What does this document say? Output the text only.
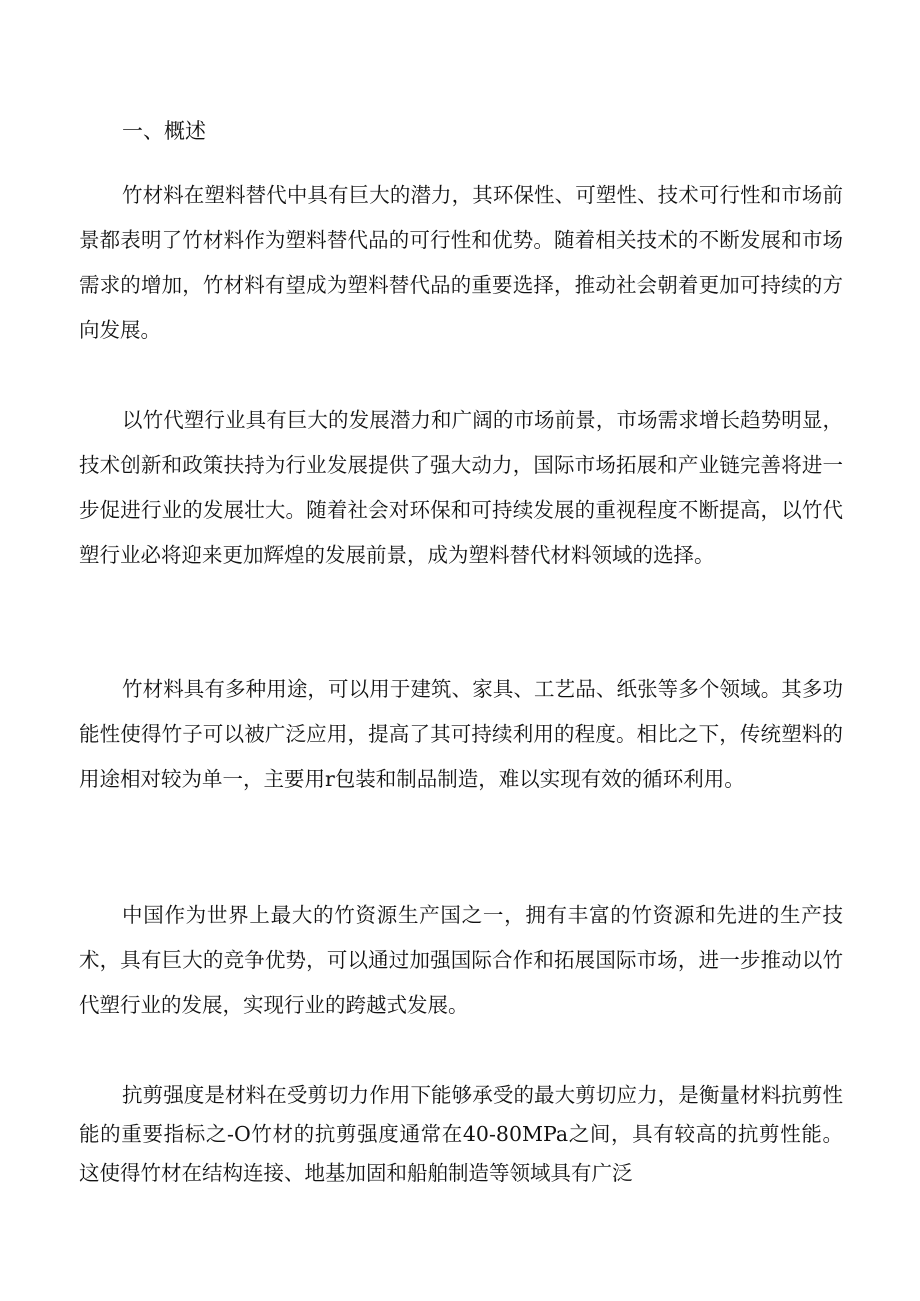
一、概述

竹材料在塑料替代中具有巨大的潜力，其环保性、可塑性、技术可行性和市场前景都表明了竹材料作为塑料替代品的可行性和优势。随着相关技术的不断发展和市场需求的增加，竹材料有望成为塑料替代品的重要选择，推动社会朝着更加可持续的方向发展。

以竹代塑行业具有巨大的发展潜力和广阔的市场前景，市场需求增长趋势明显，技术创新和政策扶持为行业发展提供了强大动力，国际市场拓展和产业链完善将进一步促进行业的发展壮大。随着社会对环保和可持续发展的重视程度不断提高，以竹代塑行业必将迎来更加辉煌的发展前景，成为塑料替代材料领域的选择。

竹材料具有多种用途，可以用于建筑、家具、工艺品、纸张等多个领域。其多功能性使得竹子可以被广泛应用，提高了其可持续利用的程度。相比之下，传统塑料的用途相对较为单一，主要用r包装和制品制造，难以实现有效的循环利用。

中国作为世界上最大的竹资源生产国之一，拥有丰富的竹资源和先进的生产技术，具有巨大的竞争优势，可以通过加强国际合作和拓展国际市场，进一步推动以竹代塑行业的发展，实现行业的跨越式发展。

抗剪强度是材料在受剪切力作用下能够承受的最大剪切应力，是衡量材料抗剪性能的重要指标之-O竹材的抗剪强度通常在40-80MPa之间，具有较高的抗剪性能。这使得竹材在结构连接、地基加固和船舶制造等领域具有广泛
